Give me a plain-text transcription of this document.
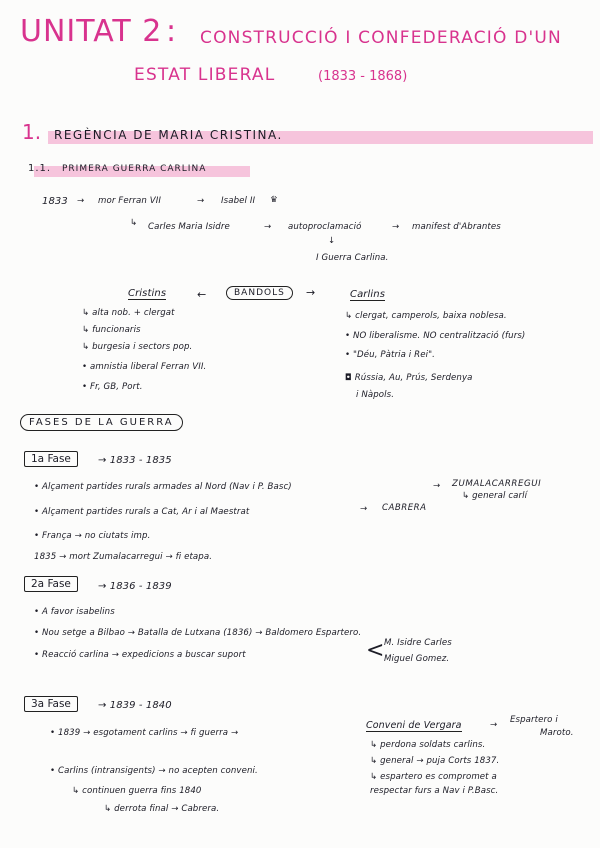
UNITAT 2 : CONSTRUCCIÓ I CONFEDERACIÓ D'UN
ESTAT LIBERAL	(1833 - 1868)
1. REGÈNCIA DE MARIA CRISTINA.
1.1. PRIMERA GUERRA CARLINA
1833 → mor Ferran VII	→ Isabel II ♛
↳ Carles Maria Isidre	→ autoproclamació	→ manifest d'Abrantes
↓
I Guerra Carlina.
Cristins	←	BANDOLS	→	Carlins
↳ alta nob. + clergat
↳ funcionaris
↳ burgesia i sectors pop.
• amnistia liberal Ferran VII.
• Fr, GB, Port.
↳ clergat, camperols, baixa noblesa.
• NO liberalisme. NO centralització (furs)
• "Déu, Pàtria i Rei".
◘ Rússia, Au, Prús, Serdenya
i Nàpols.
FASES DE LA GUERRA
1a Fase	→ 1833 - 1835
• Alçament partides rurals armades al Nord (Nav i P. Basc)	→ ZUMALACARREGUI
↳ general carlí
• Alçament partides rurals a Cat, Ar i al Maestrat	→ CABRERA
• França → no ciutats imp.
1835 → mort Zumalacarregui → fi etapa.
2a Fase	→ 1836 - 1839
• A favor isabelins
• Nou setge a Bilbao → Batalla de Lutxana (1836) → Baldomero Espartero.
• Reacció carlina → expedicions a buscar suport	< M. Isidre Carles
Miguel Gomez.
3a Fase	→ 1839 - 1840
• 1839 → esgotament carlins → fi guerra →
Conveni de Vergara	→ Espartero i
Maroto.
↳ perdona soldats carlins.
↳ general → puja Corts 1837.
↳ espartero es compromet a
respectar furs a Nav i P.Basc.
• Carlins (intransigents) → no acepten conveni.
↳ continuen guerra fins 1840
↳ derrota final → Cabrera.
